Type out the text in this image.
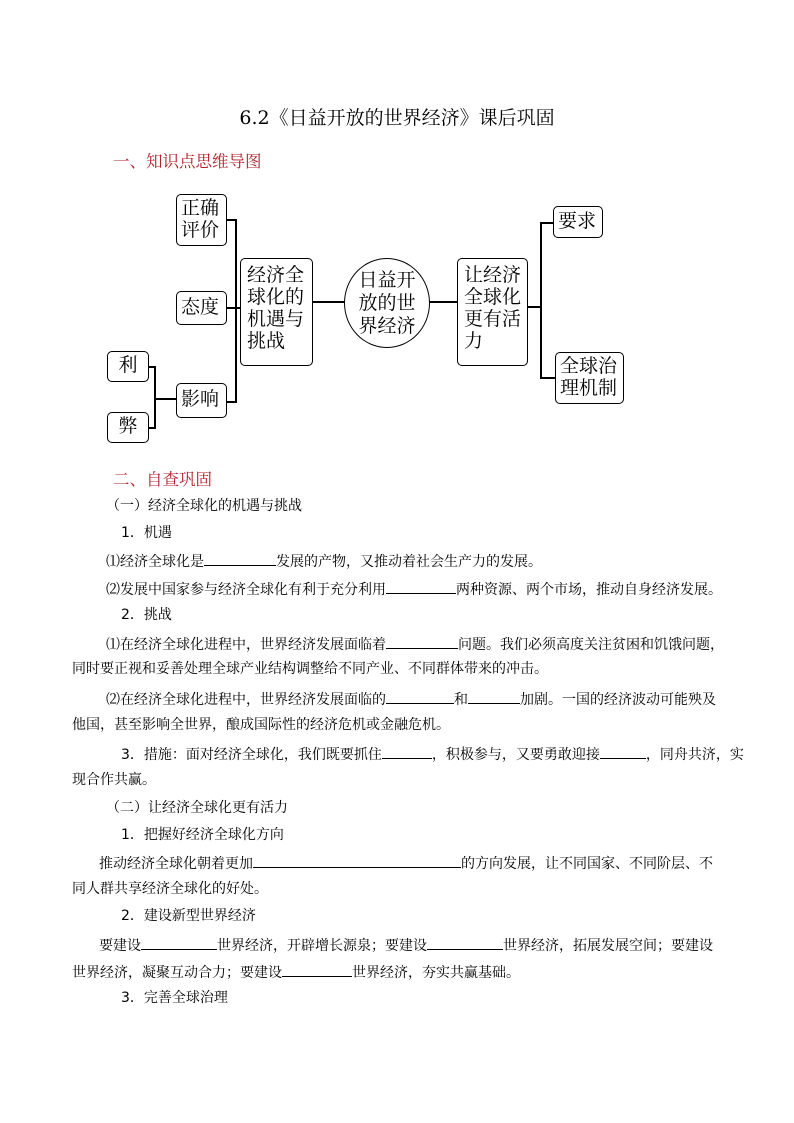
6.2《日益开放的世界经济》课后巩固
一、知识点思维导图
正确
评价
态度
影响
利
弊
经济全
球化的
机遇与
挑战
日益开
放的世
界经济
让经济
全球化
更有活
力
要求
全球治
理机制
二、自查巩固
（一）经济全球化的机遇与挑战
1．机遇
⑴经济全球化是	发展的产物，又推动着社会生产力的发展。
⑵发展中国家参与经济全球化有利于充分利用	两种资源、两个市场，推动自身经济发展。
2．挑战
⑴在经济全球化进程中，世界经济发展面临着	问题。我们必须高度关注贫困和饥饿问题，
同时要正视和妥善处理全球产业结构调整给不同产业、不同群体带来的冲击。
⑵在经济全球化进程中，世界经济发展面临的	和	加剧。一国的经济波动可能殃及
他国，甚至影响全世界，酿成国际性的经济危机或金融危机。
3．措施：面对经济全球化，我们既要抓住	，积极参与，又要勇敢迎接	，同舟共济，实
现合作共赢。
（二）让经济全球化更有活力
1．把握好经济全球化方向
推动经济全球化朝着更加	的方向发展，让不同国家、不同阶层、不
同人群共享经济全球化的好处。
2．建设新型世界经济
要建设	世界经济，开辟增长源泉；要建设	世界经济，拓展发展空间；要建设
世界经济，凝聚互动合力；要建设	世界经济，夯实共赢基础。
3．完善全球治理
